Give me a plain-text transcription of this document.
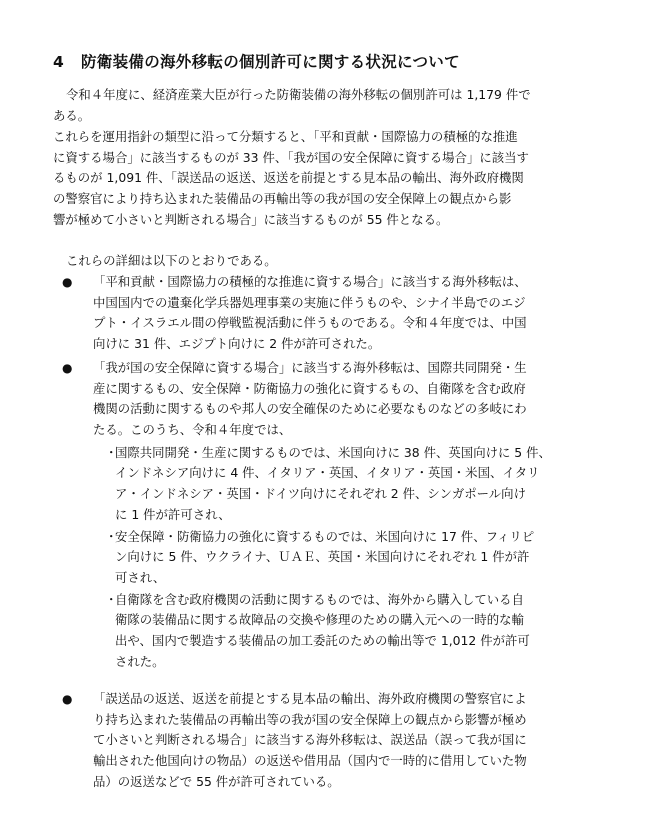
4 防衛装備の海外移転の個別許可に関する状況について
令和４年度に、経済産業大臣が行った防衛装備の海外移転の個別許可は 1,179 件で
ある。
これらを運用指針の類型に沿って分類すると、「平和貢献・国際協力の積極的な推進
に資する場合」に該当するものが 33 件、「我が国の安全保障に資する場合」に該当す
るものが 1,091 件、「誤送品の返送、返送を前提とする見本品の輸出、海外政府機関
の警察官により持ち込まれた装備品の再輸出等の我が国の安全保障上の観点から影
響が極めて小さいと判断される場合」に該当するものが 55 件となる。
これらの詳細は以下のとおりである。
● 「平和貢献・国際協力の積極的な推進に資する場合」に該当する海外移転は、
中国国内での遺棄化学兵器処理事業の実施に伴うものや、シナイ半島でのエジ
プト・イスラエル間の停戦監視活動に伴うものである。令和４年度では、中国
向けに 31 件、エジプト向けに 2 件が許可された。
● 「我が国の安全保障に資する場合」に該当する海外移転は、国際共同開発・生
産に関するもの、安全保障・防衛協力の強化に資するもの、自衛隊を含む政府
機関の活動に関するものや邦人の安全確保のために必要なものなどの多岐にわ
たる。このうち、令和４年度では、
・
国際共同開発・生産に関するものでは、米国向けに 38 件、英国向けに 5 件、
インドネシア向けに 4 件、イタリア・英国、イタリア・英国・米国、イタリ
ア・インドネシア・英国・ドイツ向けにそれぞれ 2 件、シンガポール向け
に 1 件が許可され、
・
安全保障・防衛協力の強化に資するものでは、米国向けに 17 件、フィリピ
ン向けに 5 件、ウクライナ、ＵＡＥ、英国・米国向けにそれぞれ 1 件が許
可され、
・
自衛隊を含む政府機関の活動に関するものでは、海外から購入している自
衛隊の装備品に関する故障品の交換や修理のための購入元への一時的な輸
出や、国内で製造する装備品の加工委託のための輸出等で 1,012 件が許可
された。
● 「誤送品の返送、返送を前提とする見本品の輸出、海外政府機関の警察官によ
り持ち込まれた装備品の再輸出等の我が国の安全保障上の観点から影響が極め
て小さいと判断される場合」に該当する海外移転は、誤送品（誤って我が国に
輸出された他国向けの物品）の返送や借用品（国内で一時的に借用していた物
品）の返送などで 55 件が許可されている。
